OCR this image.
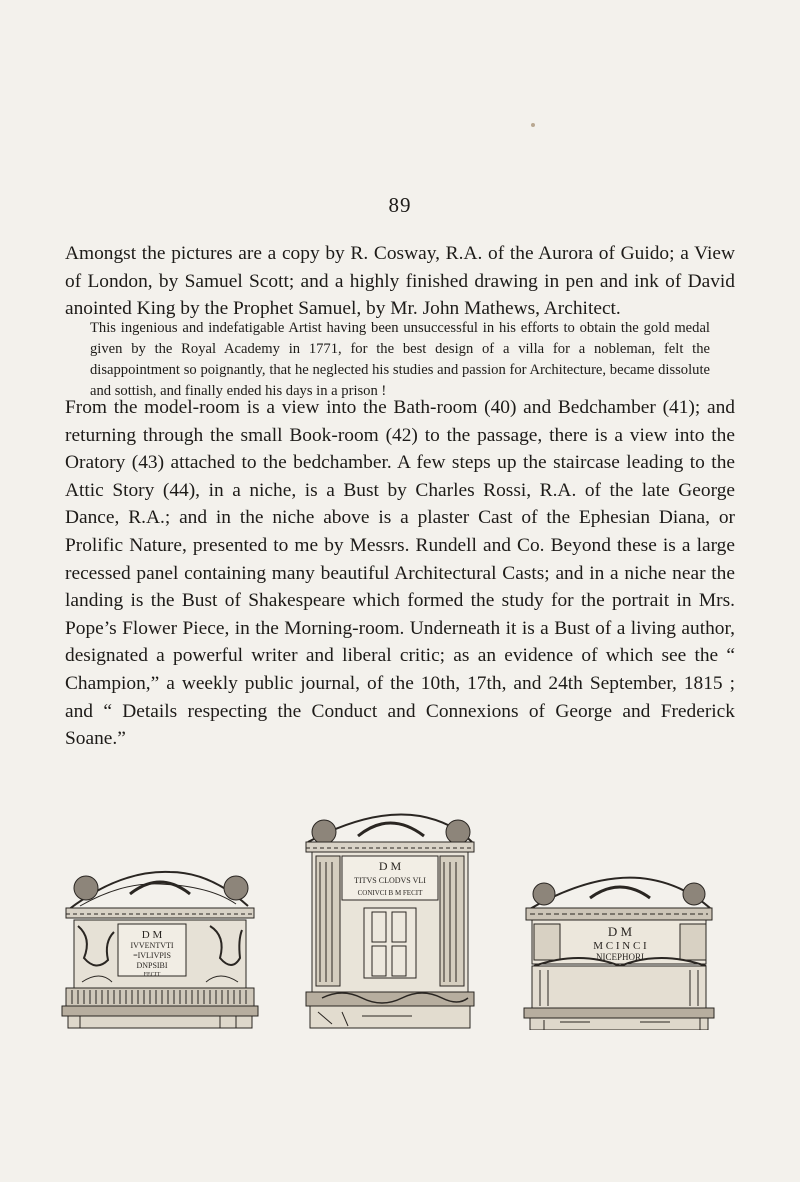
89

Amongst the pictures are a copy by R. Cosway, R.A. of the Aurora of Guido; a View of London, by Samuel Scott; and a highly finished drawing in pen and ink of David anointed King by the Prophet Samuel, by Mr. John Mathews, Architect.

This ingenious and indefatigable Artist having been unsuccessful in his efforts to obtain the gold medal given by the Royal Academy in 1771, for the best design of a villa for a nobleman, felt the disappointment so poignantly, that he neglected his studies and passion for Architecture, became dissolute and sottish, and finally ended his days in a prison !

From the model-room is a view into the Bath-room (40) and Bedchamber (41); and returning through the small Book-room (42) to the passage, there is a view into the Oratory (43) attached to the bedchamber. A few steps up the staircase leading to the Attic Story (44), in a niche, is a Bust by Charles Rossi, R.A. of the late George Dance, R.A.; and in the niche above is a plaster Cast of the Ephesian Diana, or Prolific Nature, presented to me by Messrs. Rundell and Co. Beyond these is a large recessed panel containing many beautiful Architectural Casts; and in a niche near the landing is the Bust of Shakespeare which formed the study for the portrait in Mrs. Pope’s Flower Piece, in the Morning-room. Underneath it is a Bust of a living author, designated a powerful writer and liberal critic; as an evidence of which see the “ Champion,” a weekly public journal, of the 10th, 17th, and 24th September, 1815 ; and “ Details respecting the Conduct and Connexions of George and Frederick Soane.”

D M
IVVENTVTI
=IVLIVPIS
DNPSIBI
FECIT
D M
TITVS CLODVS VLI
CONIVCI B M FECIT
D M
M C I N C I
NICEPHORI
